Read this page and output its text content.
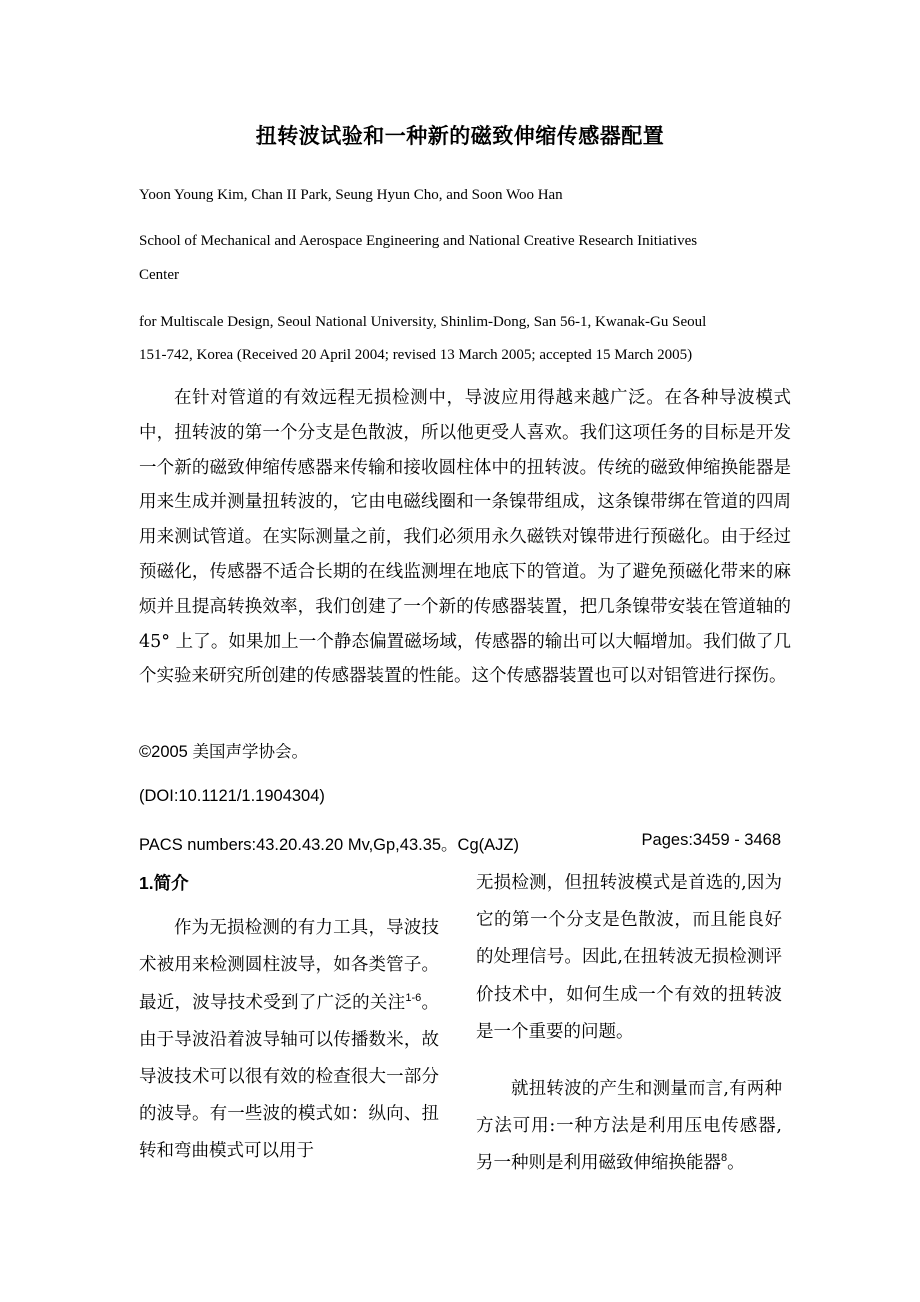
扭转波试验和一种新的磁致伸缩传感器配置
Yoon Young Kim, Chan II Park, Seung Hyun Cho, and Soon Woo Han
School of Mechanical and Aerospace Engineering and National Creative Research Initiatives
Center
for Multiscale Design, Seoul National University, Shinlim-Dong, San 56-1, Kwanak-Gu Seoul
151-742, Korea (Received 20 April 2004; revised 13 March 2005; accepted 15 March 2005)
在针对管道的有效远程无损检测中，导波应用得越来越广泛。在各种导波模式中，扭转波的第一个分支是色散波，所以他更受人喜欢。我们这项任务的目标是开发一个新的磁致伸缩传感器来传输和接收圆柱体中的扭转波。传统的磁致伸缩换能器是用来生成并测量扭转波的，它由电磁线圈和一条镍带组成，这条镍带绑在管道的四周用来测试管道。在实际测量之前，我们必须用永久磁铁对镍带进行预磁化。由于经过预磁化，传感器不适合长期的在线监测埋在地底下的管道。为了避免预磁化带来的麻烦并且提高转换效率，我们创建了一个新的传感器装置，把几条镍带安装在管道轴的 45° 上了。如果加上一个静态偏置磁场域，传感器的输出可以大幅增加。我们做了几个实验来研究所创建的传感器装置的性能。这个传感器装置也可以对铝管进行探伤。
©2005 美国声学协会。
(DOI:10.1121/1.1904304)
PACS numbers:43.20.43.20 Mv,Gp,43.35。Cg(AJZ)	Pages:3459 - 3468

1.简介

作为无损检测的有力工具，导波技术被用来检测圆柱波导，如各类管子。最近，波导技术受到了广泛的关注$^{1-6}$。由于导波沿着波导轴可以传播数米，故导波技术可以很有效的检查很大一部分的波导。有一些波的模式如：纵向、扭转和弯曲模式可以用于

无损检测，但扭转波模式是首选的,因为它的第一个分支是色散波，而且能良好的处理信号。因此,在扭转波无损检测评价技术中，如何生成一个有效的扭转波是一个重要的问题。

就扭转波的产生和测量而言,有两种方法可用:一种方法是利用压电传感器,另一种则是利用磁致伸缩换能器$^8$。
